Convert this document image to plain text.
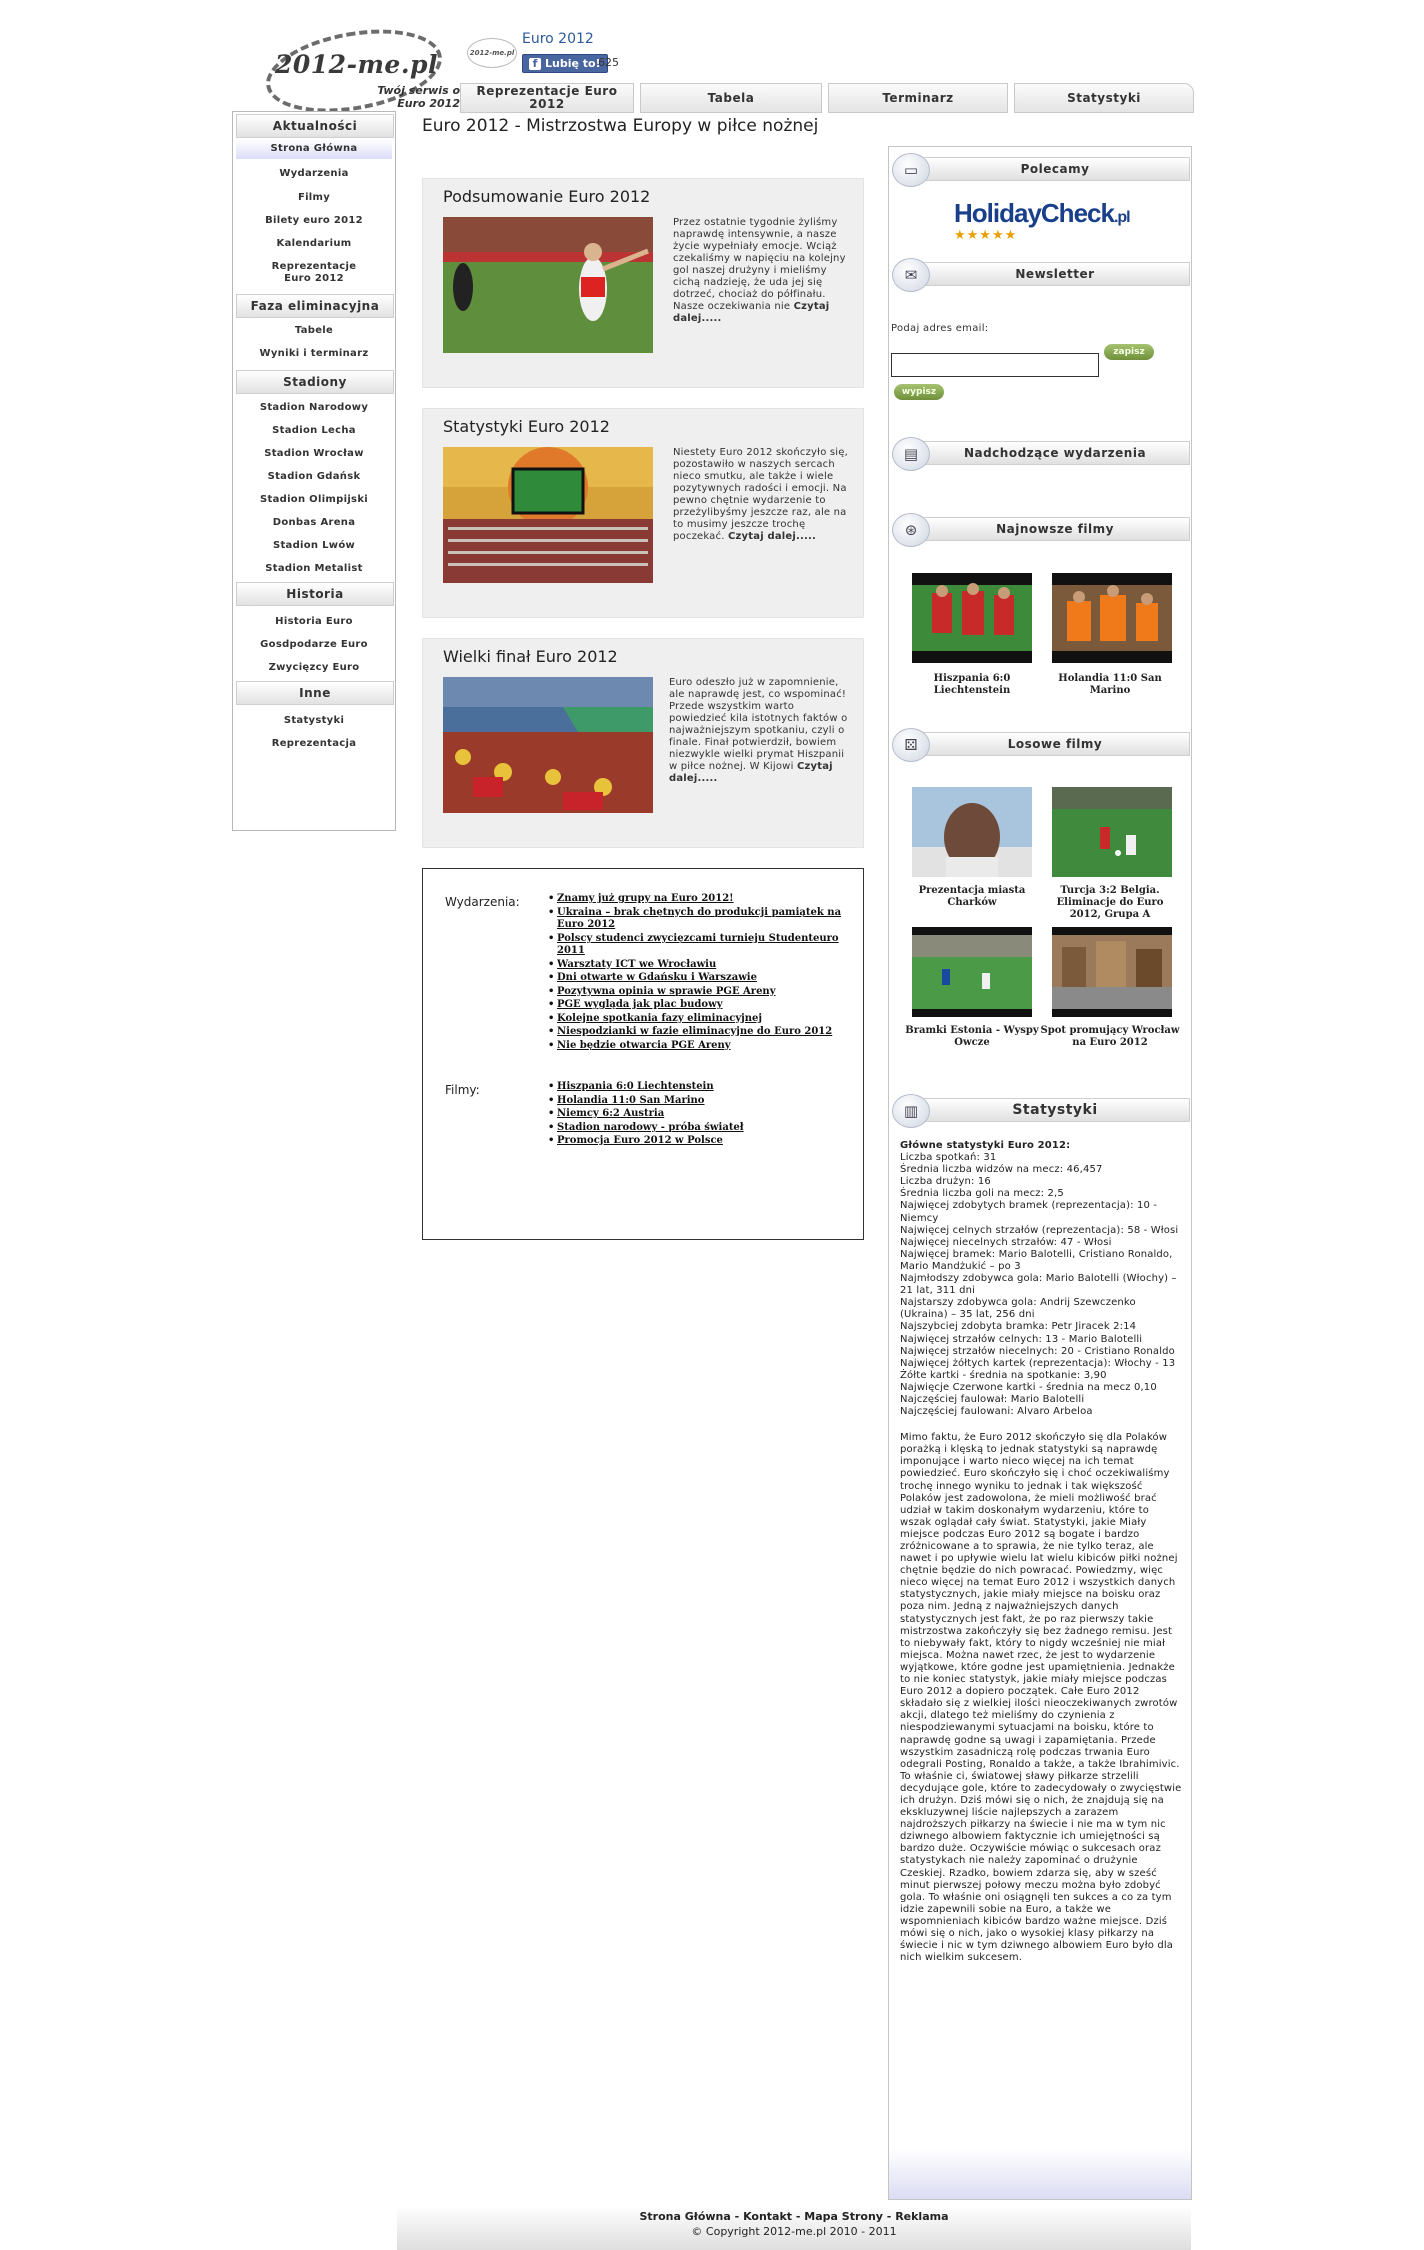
2012-me.pl
Twój serwis o Euro 2012
2012-me.pl
Euro 2012
f Lubię to!
625
Reprezentacje Euro 2012	Tabela	Terminarz	Statystyki
Aktualności
Strona Główna
Wydarzenia
Filmy
Bilety euro 2012
Kalendarium
Reprezentacje Euro 2012
Faza eliminacyjna
Tabele
Wyniki i terminarz
Stadiony
Stadion Narodowy
Stadion Lecha
Stadion Wrocław
Stadion Gdańsk
Stadion Olimpijski
Donbas Arena
Stadion Lwów
Stadion Metalist
Historia
Historia Euro
Gosdpodarze Euro
Zwycięzcy Euro
Inne
Statystyki
Reprezentacja
Euro 2012 - Mistrzostwa Europy w piłce nożnej
Podsumowanie Euro 2012
Przez ostatnie tygodnie żyliśmy naprawdę intensywnie, a nasze życie wypełniały emocje. Wciąż czekaliśmy w napięciu na kolejny gol naszej drużyny i mieliśmy cichą nadzieję, że uda jej się dotrzeć, chociaż do półfinału. Nasze oczekiwania nie Czytaj dalej.....
Statystyki Euro 2012
Niestety Euro 2012 skończyło się, pozostawiło w naszych sercach nieco smutku, ale także i wiele pozytywnych radości i emocji. Na pewno chętnie wydarzenie to przeżylibyśmy jeszcze raz, ale na to musimy jeszcze trochę poczekać. Czytaj dalej.....
Wielki finał Euro 2012
Euro odeszło już w zapomnienie, ale naprawdę jest, co wspominać! Przede wszystkim warto powiedzieć kila istotnych faktów o najważniejszym spotkaniu, czyli o finale. Finał potwierdził, bowiem niezwykle wielki prymat Hiszpanii w piłce nożnej. W Kijowi Czytaj dalej.....
Wydarzenia:	• Znamy już grupy na Euro 2012!
• Ukraina – brak chętnych do produkcji pamiątek na Euro 2012
• Polscy studenci zwycięzcami turnieju Studenteuro 2011
• Warsztaty ICT we Wrocławiu
• Dni otwarte w Gdańsku i Warszawie
• Pozytywna opinia w sprawie PGE Areny
• PGE wygląda jak plac budowy
• Kolejne spotkania fazy eliminacyjnej
• Niespodzianki w fazie eliminacyjne do Euro 2012
• Nie będzie otwarcia PGE Areny
Filmy:	• Hiszpania 6:0 Liechtenstein
• Holandia 11:0 San Marino
• Niemcy 6:2 Austria
• Stadion narodowy - próba świateł
• Promocja Euro 2012 w Polsce
Polecamy
▭
HolidayCheck.pl
★★★★★
Newsletter
✉
Podaj adres email:
zapisz
wypisz
Nadchodzące wydarzenia
▤
Najnowsze filmy
⊛
Hiszpania 6:0 Liechtenstein
Holandia 11:0 San Marino
Losowe filmy
⚄
Prezentacja miasta Charków
Turcja 3:2 Belgia. Eliminacje do Euro 2012, Grupa A
Bramki Estonia - Wyspy Owcze
Spot promujący Wrocław na Euro 2012
Statystyki
▥

Główne statystyki Euro 2012:

Liczba spotkań: 31

Średnia liczba widzów na mecz: 46,457

Liczba drużyn: 16

Średnia liczba goli na mecz: 2,5

Najwięcej zdobytych bramek (reprezentacja): 10 - Niemcy

Najwięcej celnych strzałów (reprezentacja): 58 - Włosi

Najwięcej niecelnych strzałów: 47 - Włosi

Najwięcej bramek: Mario Balotelli, Cristiano Ronaldo, Mario Mandżukić – po 3

Najmłodszy zdobywca gola: Mario Balotelli (Włochy) – 21 lat, 311 dni

Najstarszy zdobywca gola: Andrij Szewczenko (Ukraina) – 35 lat, 256 dni

Najszybciej zdobyta bramka: Petr Jiracek 2:14

Najwięcej strzałów celnych: 13 - Mario Balotelli

Najwięcej strzałów niecelnych: 20 - Cristiano Ronaldo

Najwięcej żółtych kartek (reprezentacja): Włochy - 13

Żółte kartki - średnia na spotkanie: 3,90

Najwięcje Czerwone kartki - średnia na mecz 0,10

Najczęściej faulował: Mario Balotelli

Najczęściej faulowani: Alvaro Arbeloa

Mimo faktu, że Euro 2012 skończyło się dla Polaków porażką i klęską to jednak statystyki są naprawdę imponujące i warto nieco więcej na ich temat powiedzieć. Euro skończyło się i choć oczekiwaliśmy trochę innego wyniku to jednak i tak większość Polaków jest zadowolona, że mieli możliwość brać udział w takim doskonałym wydarzeniu, które to wszak oglądał cały świat. Statystyki, jakie Miały miejsce podczas Euro 2012 są bogate i bardzo zróżnicowane a to sprawia, że nie tylko teraz, ale nawet i po upływie wielu lat wielu kibiców piłki nożnej chętnie będzie do nich powracać. Powiedzmy, więc nieco więcej na temat Euro 2012 i wszystkich danych statystycznych, jakie miały miejsce na boisku oraz poza nim. Jedną z najważniejszych danych statystycznych jest fakt, że po raz pierwszy takie mistrzostwa zakończyły się bez żadnego remisu. Jest to niebywały fakt, który to nigdy wcześniej nie miał miejsca. Można nawet rzec, że jest to wydarzenie wyjątkowe, które godne jest upamiętnienia. Jednakże to nie koniec statystyk, jakie miały miejsce podczas Euro 2012 a dopiero początek. Całe Euro 2012 składało się z wielkiej ilości nieoczekiwanych zwrotów akcji, dlatego też mieliśmy do czynienia z niespodziewanymi sytuacjami na boisku, które to naprawdę godne są uwagi i zapamiętania. Przede wszystkim zasadniczą rolę podczas trwania Euro odegrali Posting, Ronaldo a także, a także Ibrahimivic. To właśnie ci, światowej sławy piłkarze strzelili decydujące gole, które to zadecydowały o zwycięstwie ich drużyn. Dziś mówi się o nich, że znajdują się na ekskluzywnej liście najlepszych a zarazem najdroższych piłkarzy na świecie i nie ma w tym nic dziwnego albowiem faktycznie ich umiejętności są bardzo duże. Oczywiście mówiąc o sukcesach oraz statystykach nie należy zapominać o drużynie Czeskiej. Rzadko, bowiem zdarza się, aby w sześć minut pierwszej połowy meczu można było zdobyć gola. To właśnie oni osiągnęli ten sukces a co za tym idzie zapewnili sobie na Euro, a także we wspomnieniach kibiców bardzo ważne miejsce. Dziś mówi się o nich, jako o wysokiej klasy piłkarzy na świecie i nic w tym dziwnego albowiem Euro było dla nich wielkim sukcesem.

Strona Główna - Kontakt - Mapa Strony - Reklama
© Copyright 2012-me.pl 2010 - 2011
